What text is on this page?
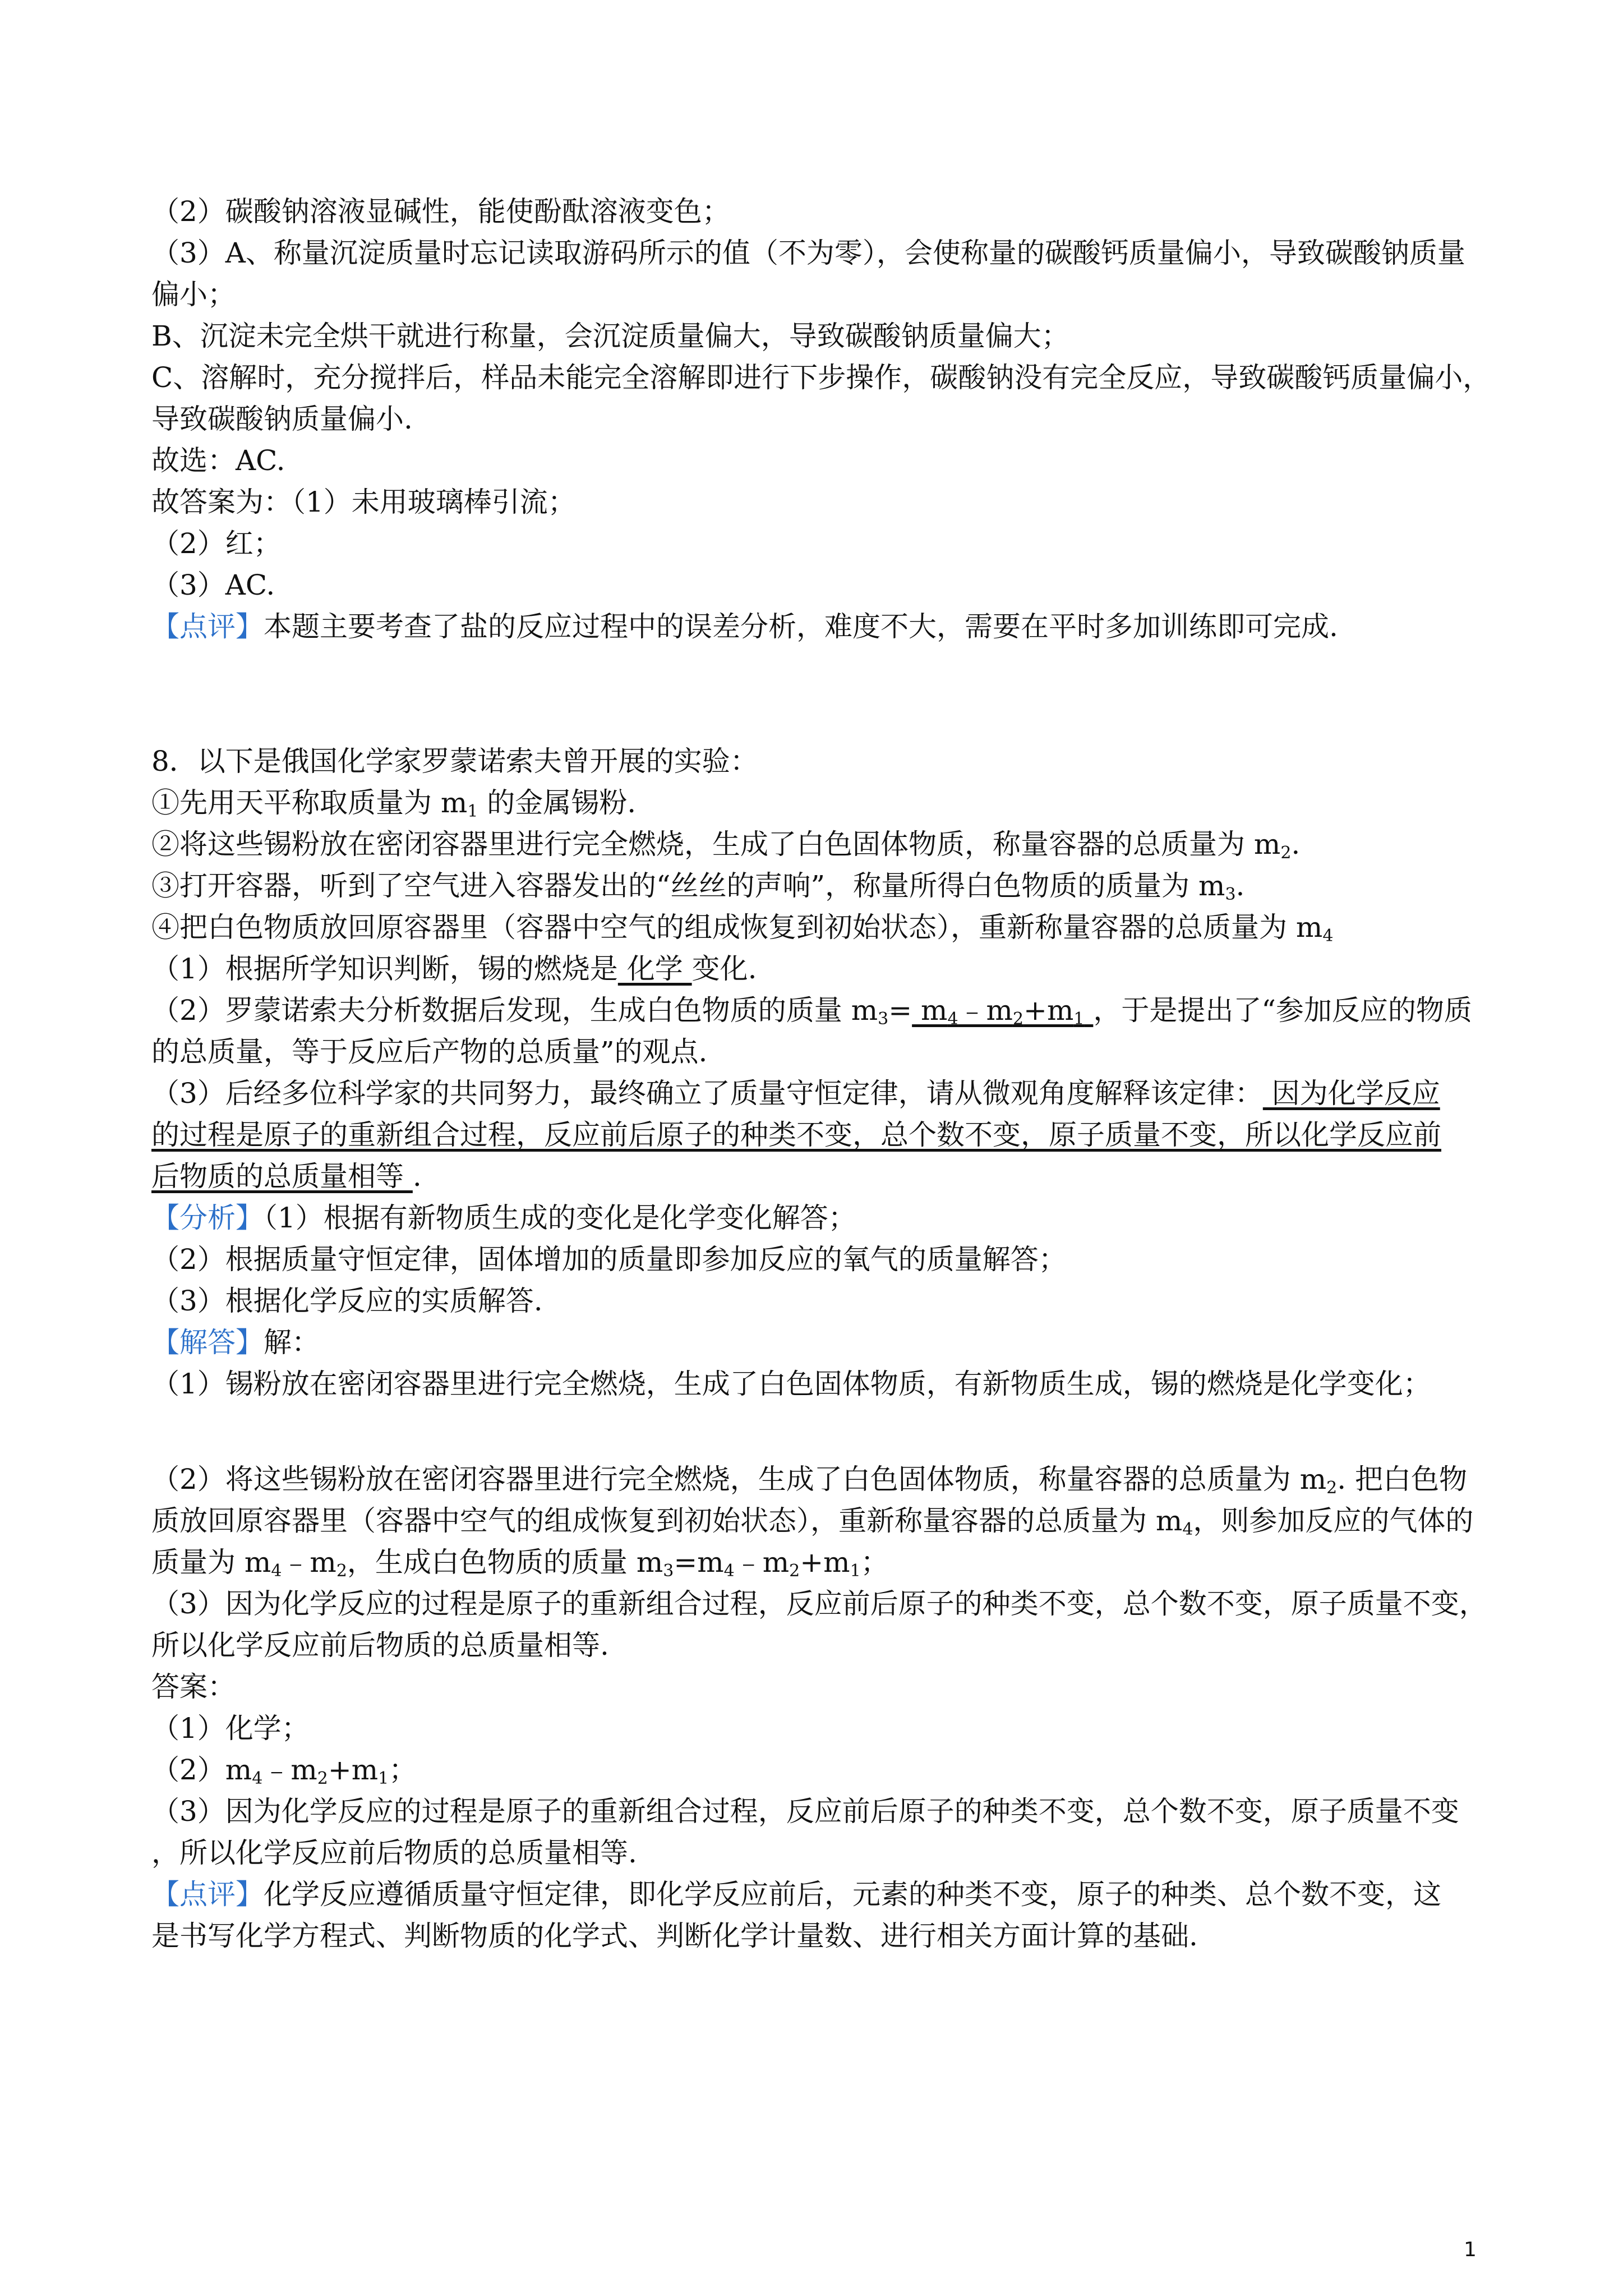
（2）碳酸钠溶液显碱性，能使酚酞溶液变色；
（3）A、称量沉淀质量时忘记读取游码所示的值（不为零），会使称量的碳酸钙质量偏小，导致碳酸钠质量
偏小；
B、沉淀未完全烘干就进行称量，会沉淀质量偏大，导致碳酸钠质量偏大；
C、溶解时，充分搅拌后，样品未能完全溶解即进行下步操作，碳酸钠没有完全反应，导致碳酸钙质量偏小，
导致碳酸钠质量偏小.
故选：AC.
故答案为：（1）未用玻璃棒引流；
（2）红；
（3）AC.
【点评】本题主要考查了盐的反应过程中的误差分析，难度不大，需要在平时多加训练即可完成.
8．以下是俄国化学家罗蒙诺索夫曾开展的实验：
①先用天平称取质量为 $m_1$ 的金属锡粉.
②将这些锡粉放在密闭容器里进行完全燃烧，生成了白色固体物质，称量容器的总质量为 $m_2$.
③打开容器，听到了空气进入容器发出的“丝丝的声响”，称量所得白色物质的质量为 $m_3$.
④把白色物质放回原容器里（容器中空气的组成恢复到初始状态），重新称量容器的总质量为 $m_4$
（1）根据所学知识判断，锡的燃烧是 化学 变化.
（2）罗蒙诺索夫分析数据后发现，生成白色物质的质量 $m_3=$ $m_4﹣m_2+m_1$ ，于是提出了“参加反应的物质
的总质量，等于反应后产物的总质量”的观点.
（3）后经多位科学家的共同努力，最终确立了质量守恒定律，请从微观角度解释该定律： 因为化学反应
的过程是原子的重新组合过程，反应前后原子的种类不变，总个数不变，原子质量不变，所以化学反应前
后物质的总质量相等 .
【分析】（1）根据有新物质生成的变化是化学变化解答；
（2）根据质量守恒定律，固体增加的质量即参加反应的氧气的质量解答；
（3）根据化学反应的实质解答.
【解答】解：
（1）锡粉放在密闭容器里进行完全燃烧，生成了白色固体物质，有新物质生成，锡的燃烧是化学变化；
（2）将这些锡粉放在密闭容器里进行完全燃烧，生成了白色固体物质，称量容器的总质量为 $m_2$. 把白色物
质放回原容器里（容器中空气的组成恢复到初始状态），重新称量容器的总质量为 $m_4$，则参加反应的气体的
质量为 $m_4﹣m_2$，生成白色物质的质量 $m_3=m_4﹣m_2+m_1$；
（3）因为化学反应的过程是原子的重新组合过程，反应前后原子的种类不变，总个数不变，原子质量不变，
所以化学反应前后物质的总质量相等.
答案：
（1）化学；
$(2)m_4﹣m_2+m_1$；
（3）因为化学反应的过程是原子的重新组合过程，反应前后原子的种类不变，总个数不变，原子质量不变
，所以化学反应前后物质的总质量相等.
【点评】化学反应遵循质量守恒定律，即化学反应前后，元素的种类不变，原子的种类、总个数不变，这
是书写化学方程式、判断物质的化学式、判断化学计量数、进行相关方面计算的基础.
1
